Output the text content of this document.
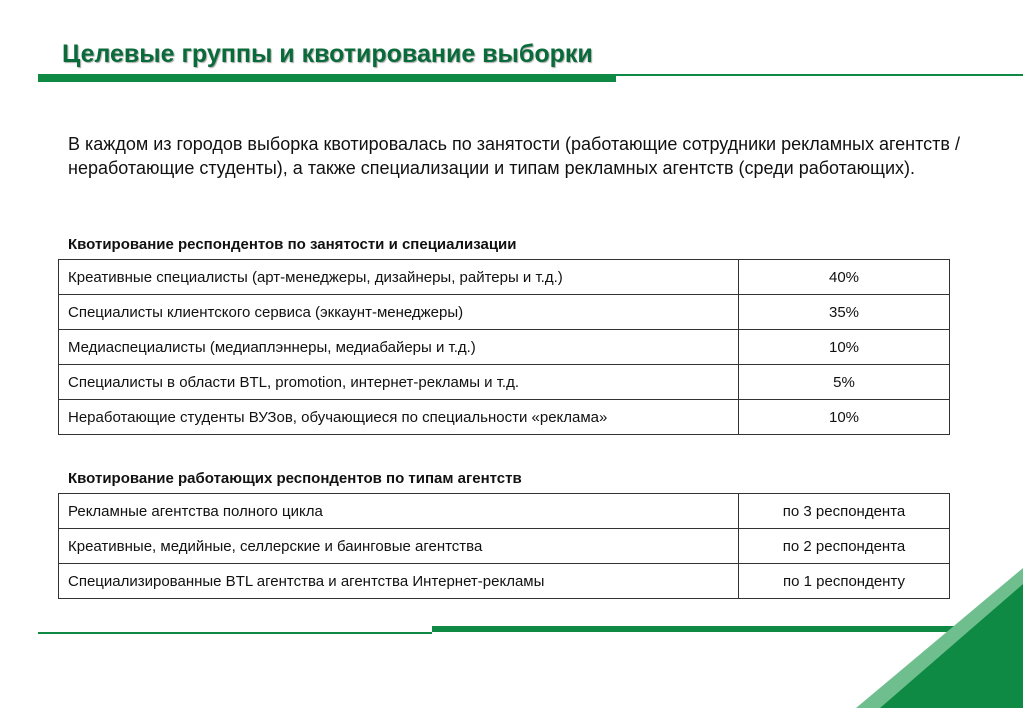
Целевые группы и квотирование выборки

В каждом из городов выборка квотировалась по занятости (работающие сотрудники рекламных агентств / неработающие студенты), а также специализации и типам рекламных агентств (среди работающих).

Квотирование респондентов по занятости и специализации

Креативные специалисты (арт-менеджеры, дизайнеры, райтеры и т.д.)	40%
Специалисты клиентского сервиса (эккаунт-менеджеры)	35%
Медиаспециалисты (медиаплэннеры, медиабайеры и т.д.)	10%
Специалисты в области BTL, promotion, интернет-рекламы и т.д.	5%
Неработающие студенты ВУЗов, обучающиеся по специальности «реклама»	10%

Квотирование работающих респондентов по типам агентств

Рекламные агентства полного цикла	по 3 респондента
Креативные, медийные, селлерские и баинговые агентства	по 2 респондента
Специализированные BTL агентства и агентства Интернет-рекламы	по 1 респонденту
